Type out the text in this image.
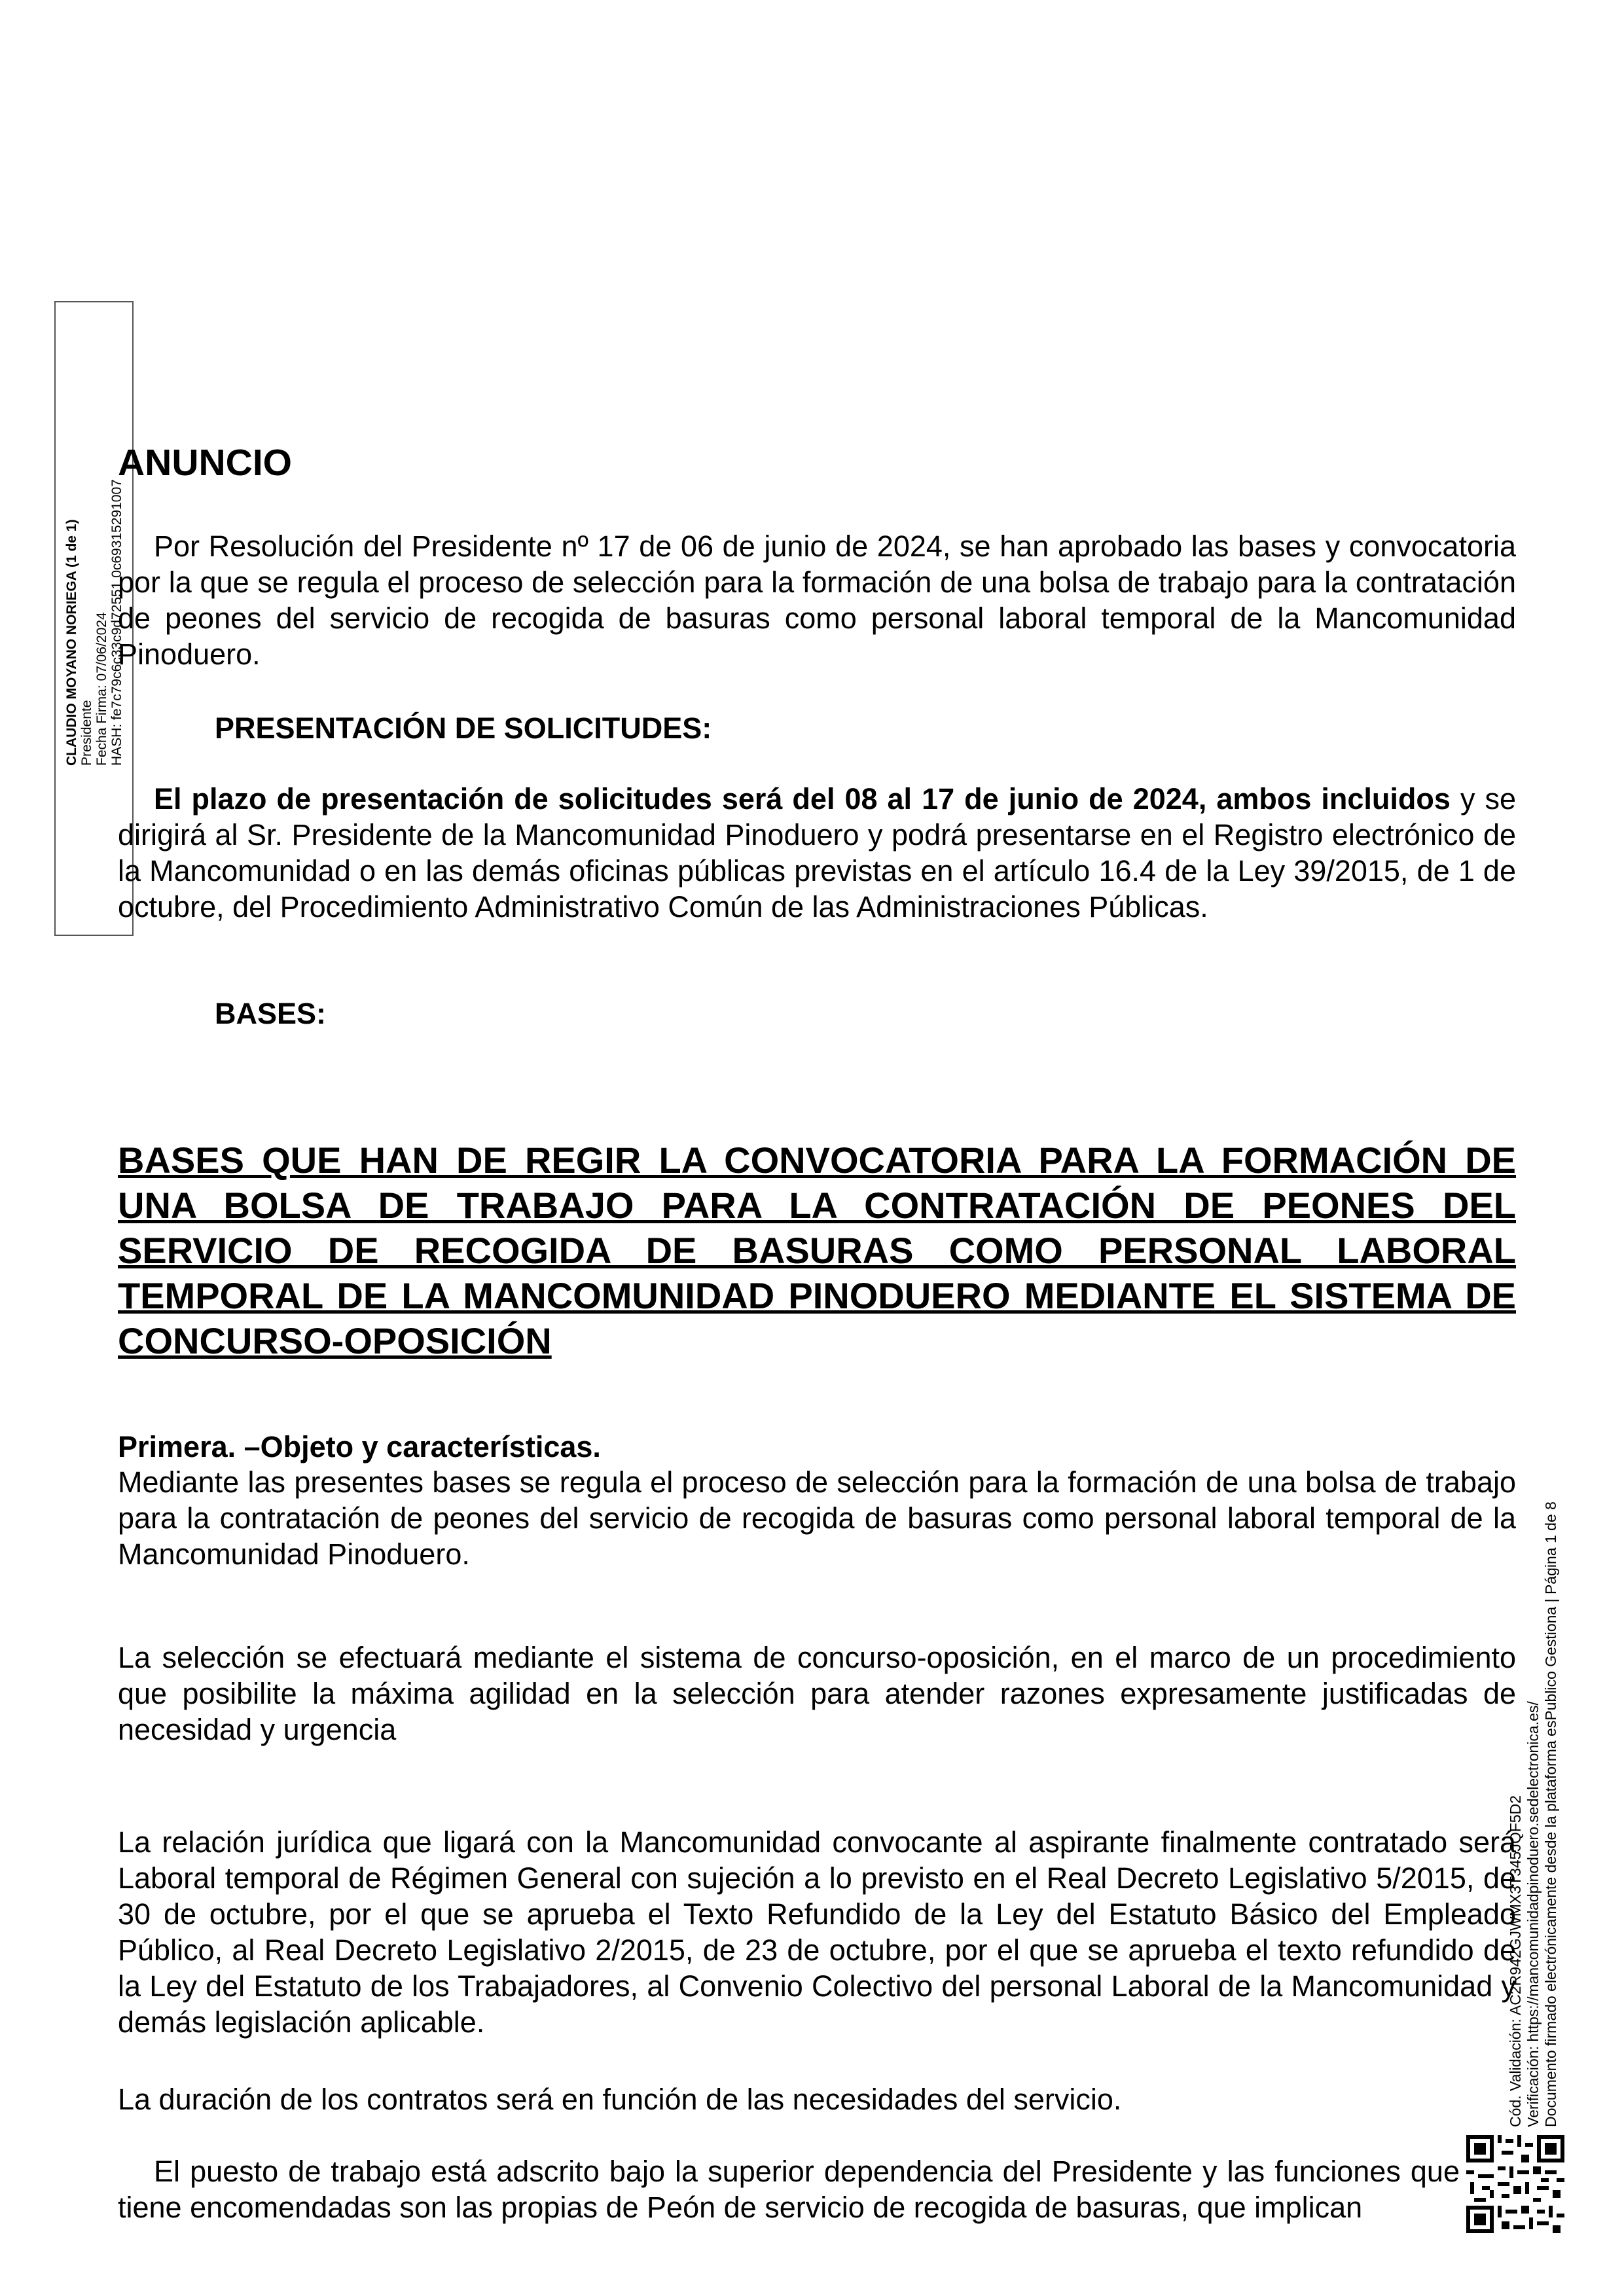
CLAUDIO MOYANO NORIEGA (1 de 1) Presidente Fecha Firma: 07/06/2024 HASH: fe7c79c6c33c9d72551 0c69315291007
ANUNCIO
Por Resolución del Presidente nº 17 de 06 de junio de 2024, se han aprobado las bases y convocatoria por la que se regula el proceso de selección para la formación de una bolsa de trabajo para la contratación de peones del servicio de recogida de basuras como personal laboral temporal de la Mancomunidad Pinoduero.
PRESENTACIÓN DE SOLICITUDES:
El plazo de presentación de solicitudes será del 08 al 17 de junio de 2024, ambos incluidos y se dirigirá al Sr. Presidente de la Mancomunidad Pinoduero y podrá presentarse en el Registro electrónico de la Mancomunidad o en las demás oficinas públicas previstas en el artículo 16.4 de la Ley 39/2015, de 1 de octubre, del Procedimiento Administrativo Común de las Administraciones Públicas.
BASES:
BASES QUE HAN DE REGIR LA CONVOCATORIA PARA LA FORMACIÓN DE UNA BOLSA DE TRABAJO PARA LA CONTRATACIÓN DE PEONES DEL SERVICIO DE RECOGIDA DE BASURAS COMO PERSONAL LABORAL TEMPORAL DE LA MANCOMUNIDAD PINODUERO MEDIANTE EL SISTEMA DE CONCURSO-OPOSICIÓN
Primera. –Objeto y características.
Mediante las presentes bases se regula el proceso de selección para la formación de una bolsa de trabajo para la contratación de peones del servicio de recogida de basuras como personal laboral temporal de la Mancomunidad Pinoduero.
La selección se efectuará mediante el sistema de concurso-oposición, en el marco de un procedimiento que posibilite la máxima agilidad en la selección para atender razones expresamente justificadas de necesidad y urgencia
La relación jurídica que ligará con la Mancomunidad convocante al aspirante finalmente contratado será Laboral temporal de Régimen General con sujeción a lo previsto en el Real Decreto Legislativo 5/2015, de 30 de octubre, por el que se aprueba el Texto Refundido de la Ley del Estatuto Básico del Empleado Público, al Real Decreto Legislativo 2/2015, de 23 de octubre, por el que se aprueba el texto refundido de la Ley del Estatuto de los Trabajadores, al Convenio Colectivo del personal Laboral de la Mancomunidad y demás legislación aplicable.
La duración de los contratos será en función de las necesidades del servicio.
El puesto de trabajo está adscrito bajo la superior dependencia del Presidente y las funciones que tiene encomendadas son las propias de Peón de servicio de recogida de basuras, que implican
Cód. Validación: AC2R942GJWMX3T345JQF5D2 Verificación: https://mancomunidadpinoduero.sedelectronica.es/ Documento firmado electrónicamente desde la plataforma esPublico Gestiona | Página 1 de 8
